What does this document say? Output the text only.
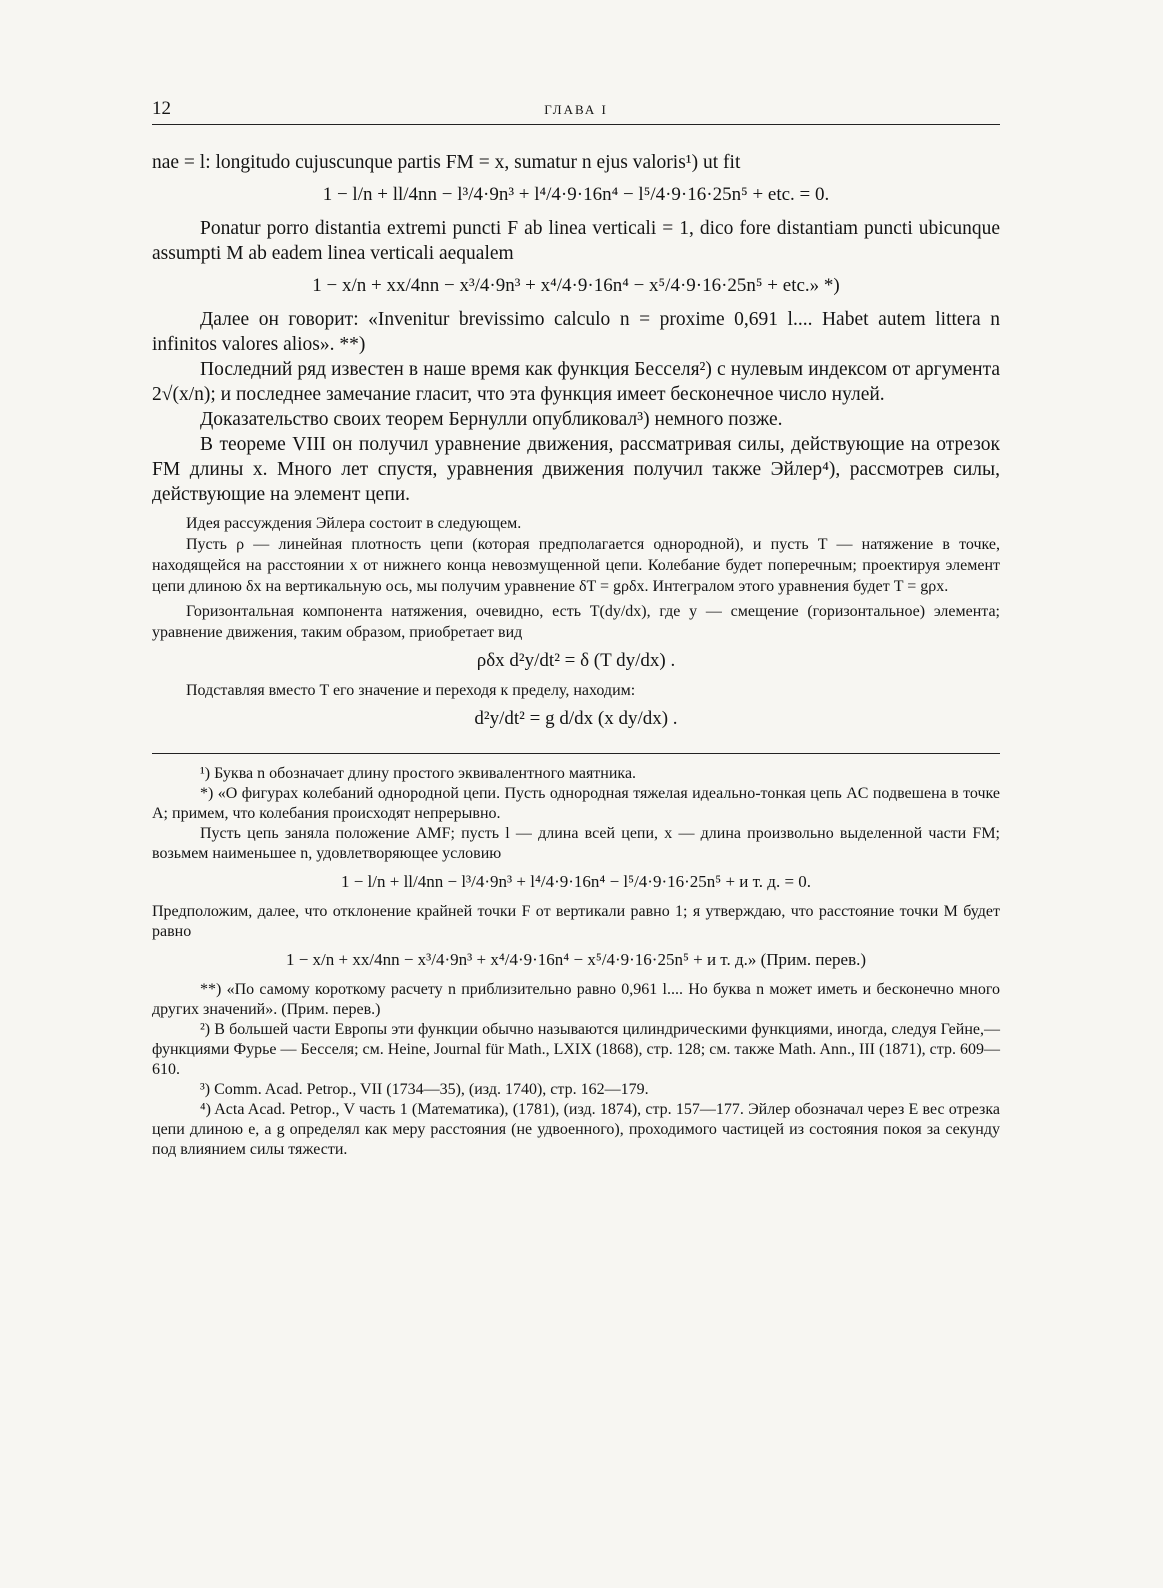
12	ГЛАВА I

nae = l: longitudo cujuscunque partis FM = x, sumatur n ejus valoris¹) ut fit

1 − l/n + ll/4nn − l³/4·9n³ + l⁴/4·9·16n⁴ − l⁵/4·9·16·25n⁵ + etc. = 0.

Ponatur porro distantia extremi puncti F ab linea verticali = 1, dico fore distantiam puncti ubicunque assumpti M ab eadem linea verticali aequalem

1 − x/n + xx/4nn − x³/4·9n³ + x⁴/4·9·16n⁴ − x⁵/4·9·16·25n⁵ + etc.» *)

Далее он говорит: «Invenitur brevissimo calculo n = proxime 0,691 l.... Habet autem littera n infinitos valores alios». **)

Последний ряд известен в наше время как функция Бесселя²) с нулевым индексом от аргумента 2√(x/n); и последнее замечание гласит, что эта функция имеет бесконечное число нулей.

Доказательство своих теорем Бернулли опубликовал³) немного позже.

В теореме VIII он получил уравнение движения, рассматривая силы, действующие на отрезок FM длины x. Много лет спустя, уравнения движения получил также Эйлер⁴), рассмотрев силы, действующие на элемент цепи.

Идея рассуждения Эйлера состоит в следующем.

Пусть ρ — линейная плотность цепи (которая предполагается однородной), и пусть T — натяжение в точке, находящейся на расстоянии x от нижнего конца невозмущенной цепи. Колебание будет поперечным; проектируя элемент цепи длиною δx на вертикальную ось, мы получим уравнение δT = gρδx. Интегралом этого уравнения будет T = gρx.

Горизонтальная компонента натяжения, очевидно, есть T(dy/dx), где y — смещение (горизонтальное) элемента; уравнение движения, таким образом, приобретает вид

ρδx d²y/dt² = δ (T dy/dx) .

Подставляя вместо T его значение и переходя к пределу, находим:

d²y/dt² = g d/dx (x dy/dx) .

¹) Буква n обозначает длину простого эквивалентного маятника.

*) «О фигурах колебаний однородной цепи. Пусть однородная тяжелая идеально-тонкая цепь AC подвешена в точке A; примем, что колебания происходят непрерывно.

Пусть цепь заняла положение AMF; пусть l — длина всей цепи, x — длина произвольно выделенной части FM; возьмем наименьшее n, удовлетворяющее условию

1 − l/n + ll/4nn − l³/4·9n³ + l⁴/4·9·16n⁴ − l⁵/4·9·16·25n⁵ + и т. д. = 0.

Предположим, далее, что отклонение крайней точки F от вертикали равно 1; я утверждаю, что расстояние точки M будет равно

1 − x/n + xx/4nn − x³/4·9n³ + x⁴/4·9·16n⁴ − x⁵/4·9·16·25n⁵ + и т. д.» (Прим. перев.)

**) «По самому короткому расчету n приблизительно равно 0,961 l.... Но буква n может иметь и бесконечно много других значений». (Прим. перев.)

²) В большей части Европы эти функции обычно называются цилиндрическими функциями, иногда, следуя Гейне,— функциями Фурье — Бесселя; см. Heine, Journal für Math., LXIX (1868), стр. 128; см. также Math. Ann., III (1871), стр. 609—610.

³) Comm. Acad. Petrop., VII (1734—35), (изд. 1740), стр. 162—179.

⁴) Acta Acad. Petrop., V часть 1 (Математика), (1781), (изд. 1874), стр. 157—177. Эйлер обозначал через E вес отрезка цепи длиною e, а g определял как меру расстояния (не удвоенного), проходимого частицей из состояния покоя за секунду под влиянием силы тяжести.
